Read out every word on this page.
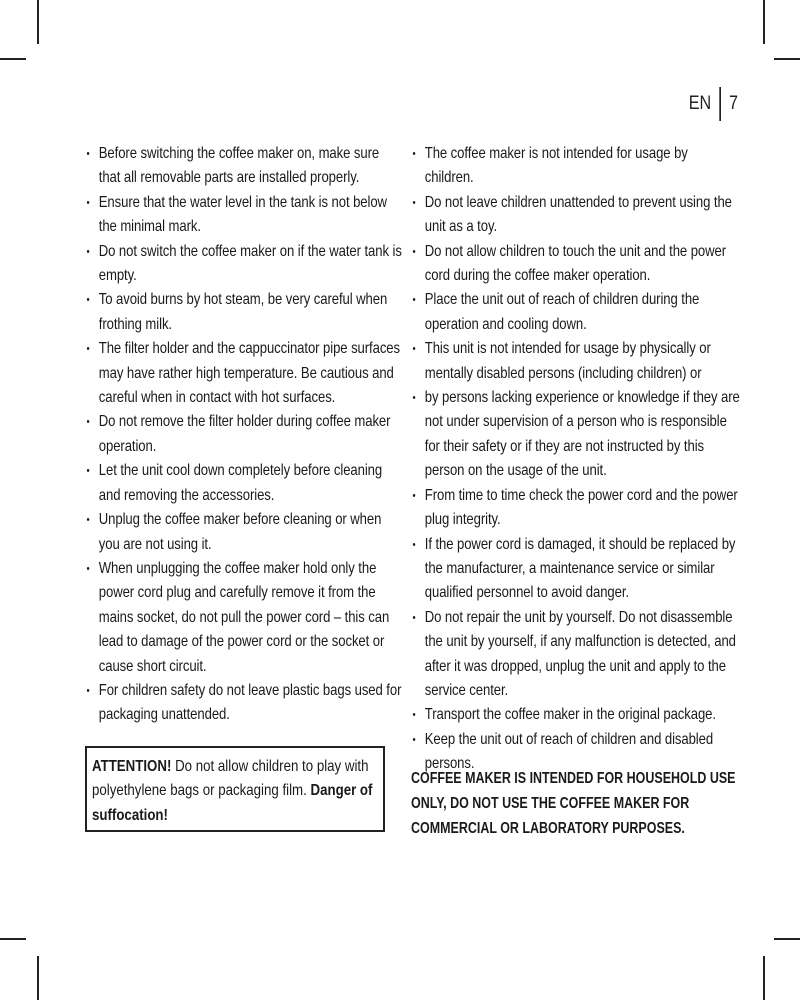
EN 7
• Before switching the coffee maker on, make sure that all removable parts are installed properly.
• Ensure that the water level in the tank is not below the minimal mark.
• Do not switch the coffee maker on if the water tank is empty.
• To avoid burns by hot steam, be very careful when frothing milk.
• The filter holder and the cappuccinator pipe surfaces may have rather high temperature. Be cautious and careful when in contact with hot surfaces.
• Do not remove the filter holder during coffee maker operation.
• Let the unit cool down completely before cleaning and removing the accessories.
• Unplug the coffee maker before cleaning or when you are not using it.
• When unplugging the coffee maker hold only the power cord plug and carefully remove it from the mains socket, do not pull the power cord – this can lead to damage of the power cord or the socket or cause short circuit.
• For children safety do not leave plastic bags used for packaging unattended.
ATTENTION! Do not allow children to play with polyethylene bags or packaging film. Danger of suffocation!
• The coffee maker is not intended for usage by children.
• Do not leave children unattended to prevent using the unit as a toy.
• Do not allow children to touch the unit and the power cord during the coffee maker operation.
• Place the unit out of reach of children during the operation and cooling down.
• This unit is not intended for usage by physically or mentally disabled persons (including children) or
• by persons lacking experience or knowledge if they are not under supervision of a person who is responsible for their safety or if they are not instructed by this person on the usage of the unit.
• From time to time check the power cord and the power plug integrity.
• If the power cord is damaged, it should be replaced by the manufacturer, a maintenance service or similar qualified personnel to avoid danger.
• Do not repair the unit by yourself. Do not disassemble the unit by yourself, if any malfunction is detected, and after it was dropped, unplug the unit and apply to the service center.
• Transport the coffee maker in the original package.
• Keep the unit out of reach of children and disabled persons.
COFFEE MAKER IS INTENDED FOR HOUSEHOLD USE ONLY, DO NOT USE THE COFFEE MAKER FOR COMMERCIAL OR LABORATORY PURPOSES.
